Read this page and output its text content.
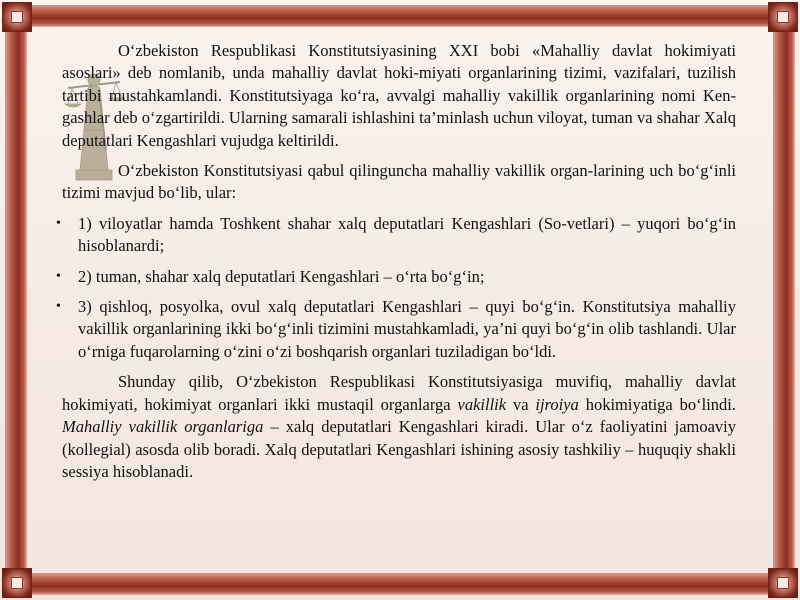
O‘zbekiston Respublikasi Konstitutsiyasining XXI bobi «Mahalliy davlat hokimiyati asoslari» deb nomlanib, unda mahalliy davlat hoki-miyati organlarining tizimi, vazifalari, tuzilish tartibi mustahkamlandi. Konstitutsiyaga ko‘ra, avvalgi mahalliy vakillik organlarining nomi Ken-gashlar deb o‘zgartirildi. Ularning samarali ishlashini ta’minlash uchun viloyat, tuman va shahar Xalq deputatlari Kengashlari vujudga keltirildi.

O‘zbekiston Konstitutsiyasi qabul qilinguncha mahalliy vakillik organ-larining uch bo‘g‘inli tizimi mavjud bo‘lib, ular:

• 1) viloyatlar hamda Toshkent shahar xalq deputatlari Kengashlari (So-vetlari) – yuqori bo‘g‘in hisoblanardi;
• 2) tuman, shahar xalq deputatlari Kengashlari – o‘rta bo‘g‘in;
• 3) qishloq, posyolka, ovul xalq deputatlari Kengashlari – quyi bo‘g‘in. Konstitutsiya mahalliy vakillik organlarining ikki bo‘g‘inli tizimini mustahkamladi, ya’ni quyi bo‘g‘in olib tashlandi. Ular o‘rniga fuqarolarning o‘zini o‘zi boshqarish organlari tuziladigan bo‘ldi.

Shunday qilib, O‘zbekiston Respublikasi Konstitutsiyasiga muvifiq, mahalliy davlat hokimiyati, hokimiyat organlari ikki mustaqil organlarga vakillik va ijroiya hokimiyatiga bo‘lindi. Mahalliy vakillik organlariga – xalq deputatlari Kengashlari kiradi. Ular o‘z faoliyatini jamoaviy (kollegial) asosda olib boradi. Xalq deputatlari Kengashlari ishining asosiy tashkiliy – huquqiy shakli sessiya hisoblanadi.
